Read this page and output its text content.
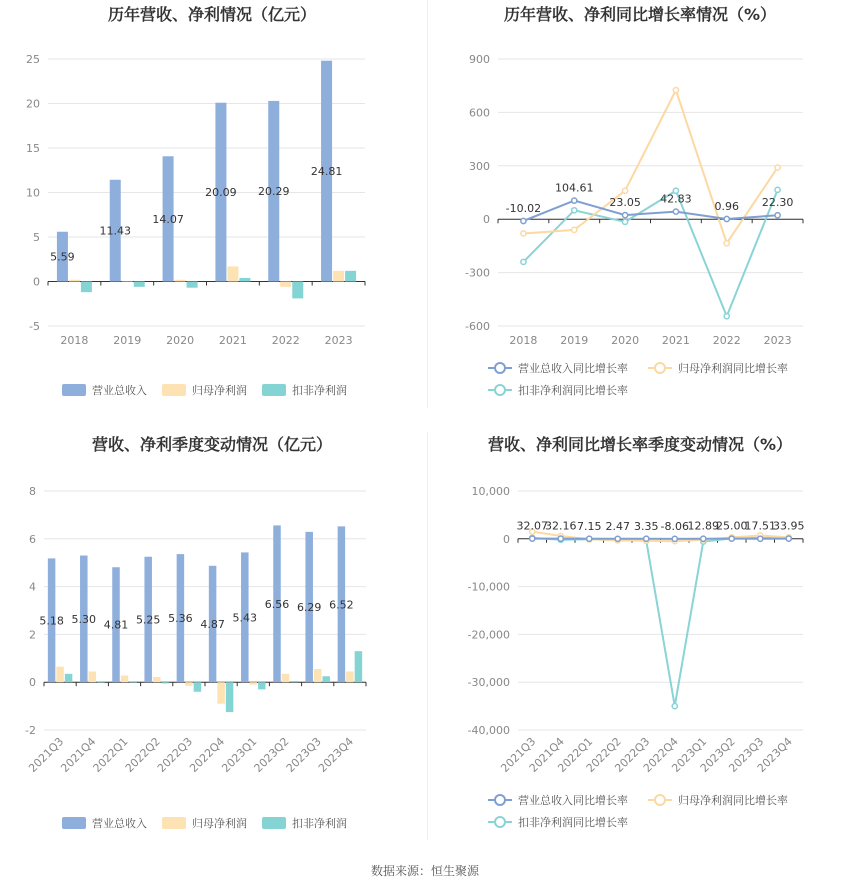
历年营收、净利情况（亿元）
-5
0
5
10
15
20
25
2018 2019 2020 2021 2022 2023
5.59
11.43
14.07
20.09 20.29
24.81
营业总收入	归母净利润	扣非净利润
历年营收、净利同比增长率情况（%）
-600
-300
0
300
600
900
2018 2019 2020 2021 2022 2023
-10.02
104.61
23.05 42.83
0.96 22.30
营业总收入同比增长率	归母净利润同比增长率
扣非净利润同比增长率
营收、净利季度变动情况（亿元）
-2
0
2
4
6
8
2021Q3
2021Q4
2022Q1
2022Q2
2022Q3
2022Q4
2023Q1
2023Q2
2023Q3
2023Q4
5.18 5.30 4.81 5.25 5.36 4.87
5.43
6.56 6.29 6.52
营业总收入	归母净利润	扣非净利润
营收、净利同比增长率季度变动情况（%）
-40,000
-30,000
-20,000
-10,000
0
10,000
2021Q3
2021Q4
2022Q1
2022Q2
2022Q3
2022Q4
2023Q1
2023Q2
2023Q3
2023Q4
32.07
32.16 7.15 2.47 3.35 -8.06
12.89
25.00
17.51
33.95
营业总收入同比增长率	归母净利润同比增长率
扣非净利润同比增长率
数据来源：恒生聚源
